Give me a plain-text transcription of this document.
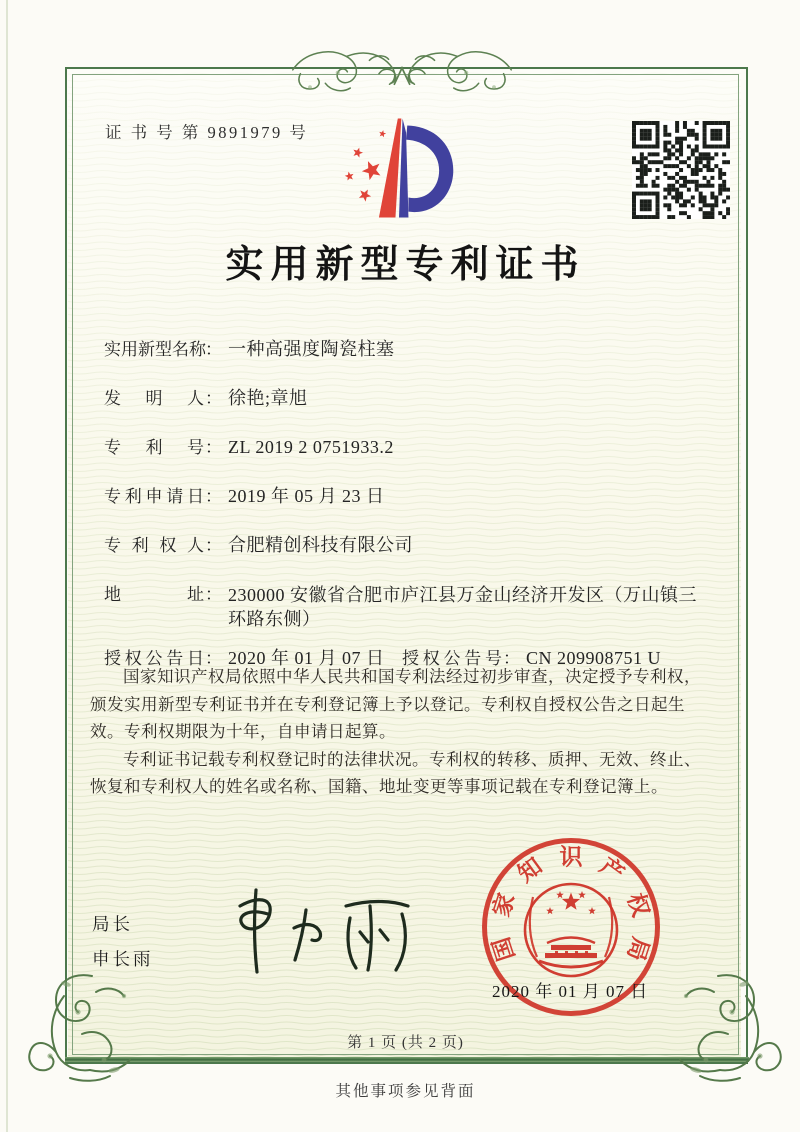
证 书 号 第 9891979 号
实用新型专利证书
实用新型名称： 一种高强度陶瓷柱塞
发明人： 徐艳;章旭
专利号： ZL 2019 2 0751933.2
专利申请日： 2019 年 05 月 23 日
专利权人： 合肥精创科技有限公司
地址： 230000 安徽省合肥市庐江县万金山经济开发区（万山镇三环路东侧）
授权公告日： 2020 年 01 月 07 日 授权公告号： CN 209908751 U

国家知识产权局依照中华人民共和国专利法经过初步审查，决定授予专利权，颁发实用新型专利证书并在专利登记簿上予以登记。专利权自授权公告之日起生效。专利权期限为十年，自申请日起算。

专利证书记载专利权登记时的法律状况。专利权的转移、质押、无效、终止、恢复和专利权人的姓名或名称、国籍、地址变更等事项记载在专利登记簿上。

局长
申长雨	国
家
知 识 产
权
局
2020 年 01 月 07 日
第 1 页 (共 2 页)
其他事项参见背面
